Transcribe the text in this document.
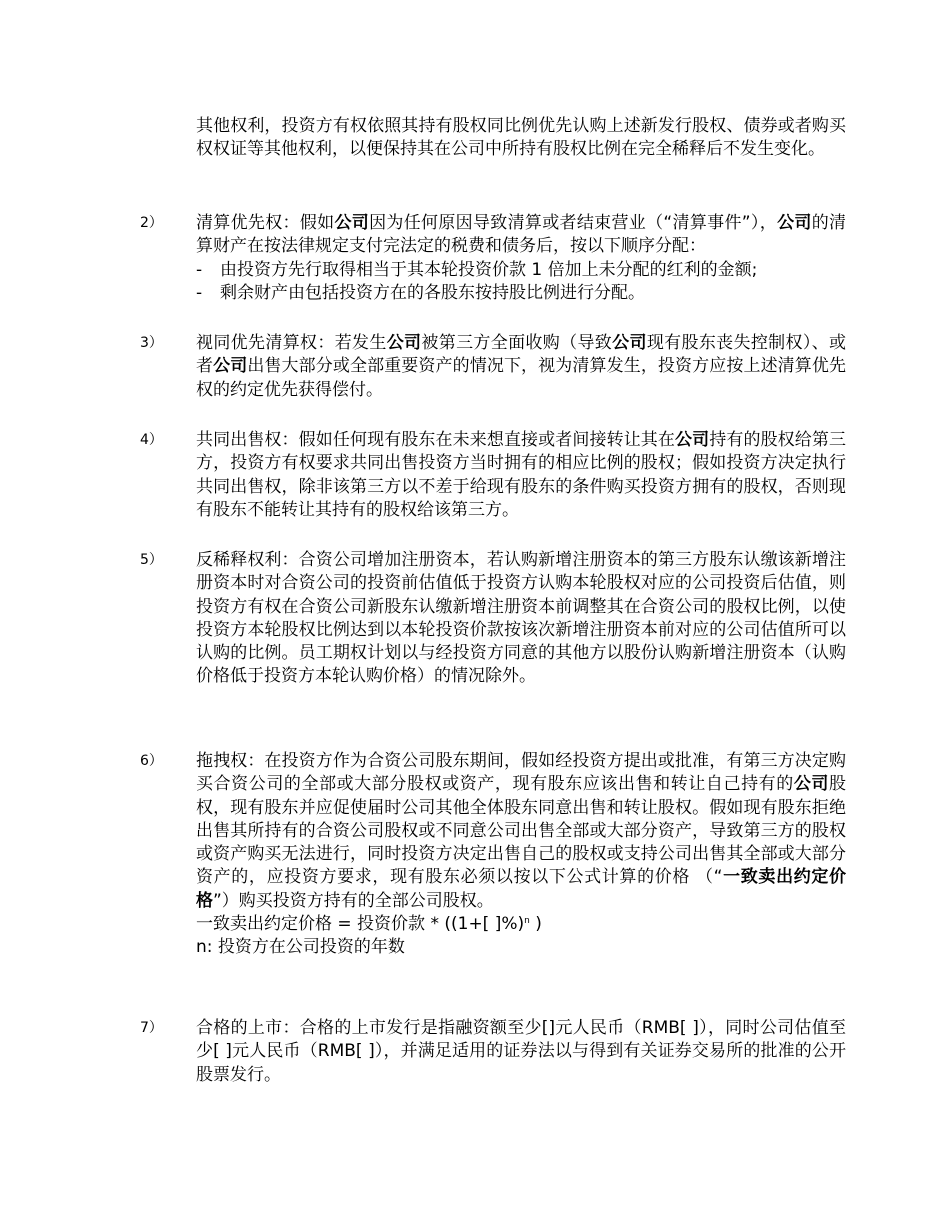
其他权利，投资方有权依照其持有股权同比例优先认购上述新发行股权、债券或者购买权权证等其他权利，以便保持其在公司中所持有股权比例在完全稀释后不发生变化。
2） 清算优先权：假如公司因为任何原因导致清算或者结束营业（“清算事件”），公司的清算财产在按法律规定支付完法定的税费和债务后，按以下顺序分配：
- 由投资方先行取得相当于其本轮投资价款 1 倍加上未分配的红利的金额;
- 剩余财产由包括投资方在的各股东按持股比例进行分配。
3） 视同优先清算权：若发生公司被第三方全面收购（导致公司现有股东丧失控制权）、或者公司出售大部分或全部重要资产的情况下，视为清算发生，投资方应按上述清算优先权的约定优先获得偿付。
4） 共同出售权：假如任何现有股东在未来想直接或者间接转让其在公司持有的股权给第三方，投资方有权要求共同出售投资方当时拥有的相应比例的股权；假如投资方决定执行共同出售权，除非该第三方以不差于给现有股东的条件购买投资方拥有的股权，否则现有股东不能转让其持有的股权给该第三方。
5） 反稀释权利：合资公司增加注册资本，若认购新增注册资本的第三方股东认缴该新增注册资本时对合资公司的投资前估值低于投资方认购本轮股权对应的公司投资后估值，则投资方有权在合资公司新股东认缴新增注册资本前调整其在合资公司的股权比例，以使投资方本轮股权比例达到以本轮投资价款按该次新增注册资本前对应的公司估值所可以认购的比例。员工期权计划以与经投资方同意的其他方以股份认购新增注册资本（认购价格低于投资方本轮认购价格）的情况除外。
6） 拖拽权：在投资方作为合资公司股东期间，假如经投资方提出或批准，有第三方决定购买合资公司的全部或大部分股权或资产，现有股东应该出售和转让自己持有的公司股权，现有股东并应促使届时公司其他全体股东同意出售和转让股权。假如现有股东拒绝出售其所持有的合资公司股权或不同意公司出售全部或大部分资产，导致第三方的股权或资产购买无法进行，同时投资方决定出售自己的股权或支持公司出售其全部或大部分资产的，应投资方要求，现有股东必须以按以下公式计算的价格 （“一致卖出约定价格”）购买投资方持有的全部公司股权。
一致卖出约定价格 = 投资价款 * ((1+[ ]%)$^n$ )
n: 投资方在公司投资的年数
7） 合格的上市：合格的上市发行是指融资额至少[]元人民币（RMB[ ]），同时公司估值至少[ ]元人民币（RMB[ ]），并满足适用的证券法以与得到有关证券交易所的批准的公开股票发行。
